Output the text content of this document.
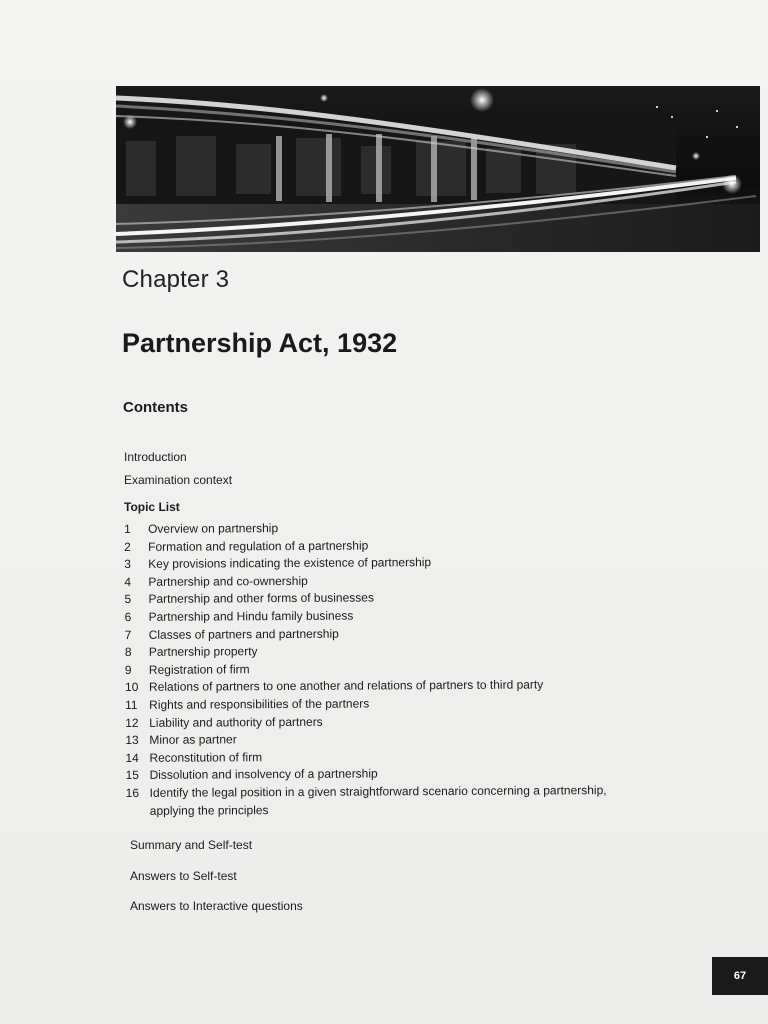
Chapter 3
Partnership Act, 1932
Contents
Introduction
Examination context
Topic List
1	Overview on partnership
2	Formation and regulation of a partnership
3	Key provisions indicating the existence of partnership
4	Partnership and co-ownership
5	Partnership and other forms of businesses
6	Partnership and Hindu family business
7	Classes of partners and partnership
8	Partnership property
9	Registration of firm
10 Relations of partners to one another and relations of partners to third party
11 Rights and responsibilities of the partners
12 Liability and authority of partners
13 Minor as partner
14 Reconstitution of firm
15 Dissolution and insolvency of a partnership
16 Identify the legal position in a given straightforward scenario concerning a partnership,
applying the principles
Summary and Self-test
Answers to Self-test
Answers to Interactive questions
67
